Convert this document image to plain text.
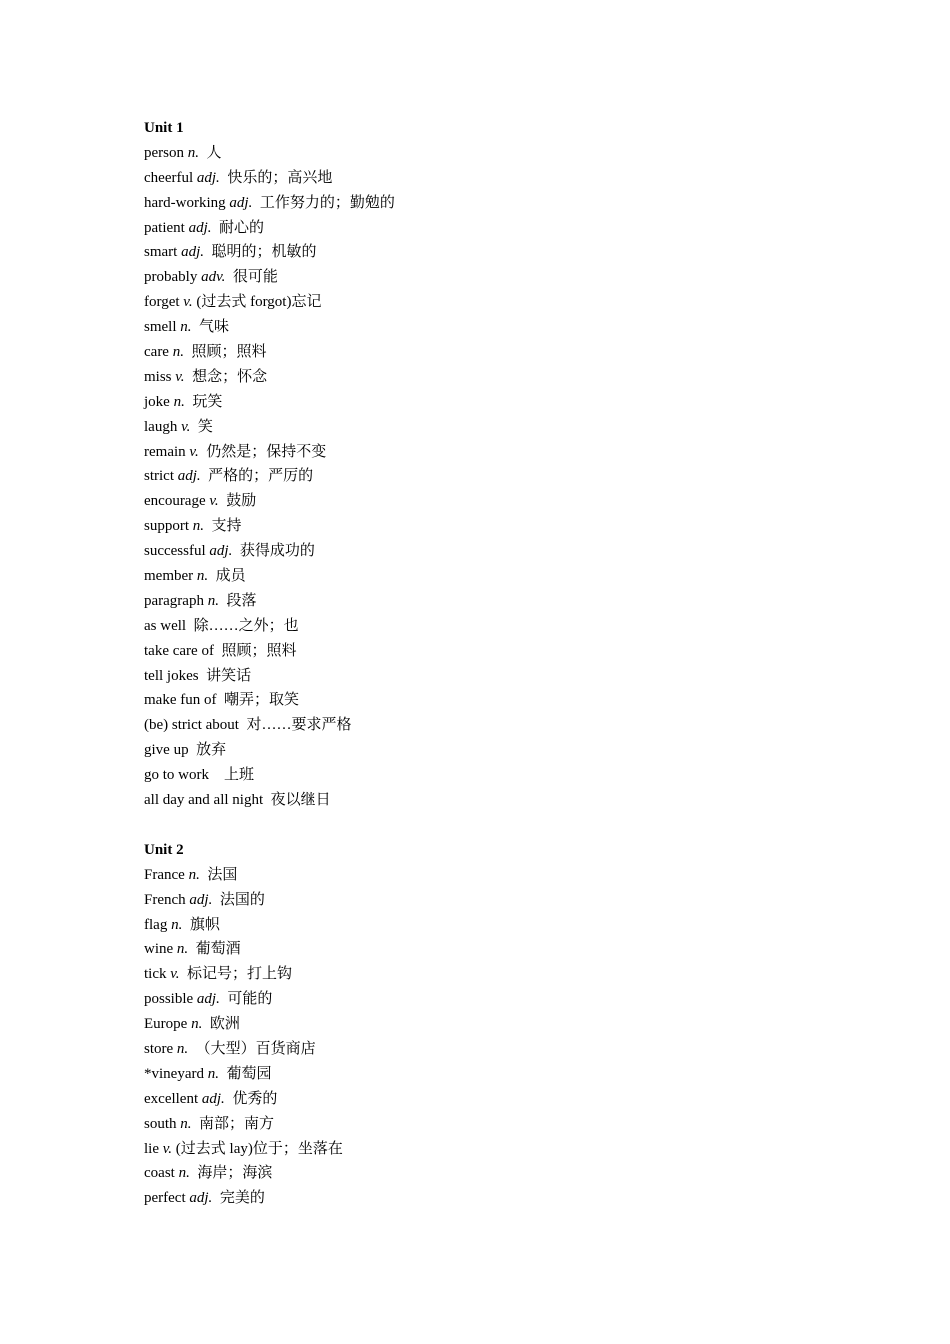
Unit 1
person n.  人
cheerful adj.  快乐的；高兴地
hard-working adj.  工作努力的；勤勉的
patient adj.  耐心的
smart adj.  聪明的；机敏的
probably adv.  很可能
forget v. (过去式 forgot)忘记
smell n.  气味
care n.  照顾；照料
miss v.  想念；怀念
joke n.  玩笑
laugh v.  笑
remain v.  仍然是；保持不变
strict adj.  严格的；严厉的
encourage v.  鼓励
support n.  支持
successful adj.  获得成功的
member n.  成员
paragraph n.  段落
as well  除……之外；也
take care of  照顾；照料
tell jokes  讲笑话
make fun of  嘲弄；取笑
(be) strict about  对……要求严格
give up  放弃
go to work    上班
all day and all night  夜以继日
Unit 2
France n.  法国
French adj.  法国的
flag n.  旗帜
wine n.  葡萄酒
tick v.  标记号；打上钩
possible adj.  可能的
Europe n.  欧洲
store n.  （大型）百货商店
*vineyard n.  葡萄园
excellent adj.  优秀的
south n.  南部；南方
lie v. (过去式 lay)位于；坐落在
coast n.  海岸；海滨
perfect adj.  完美的
